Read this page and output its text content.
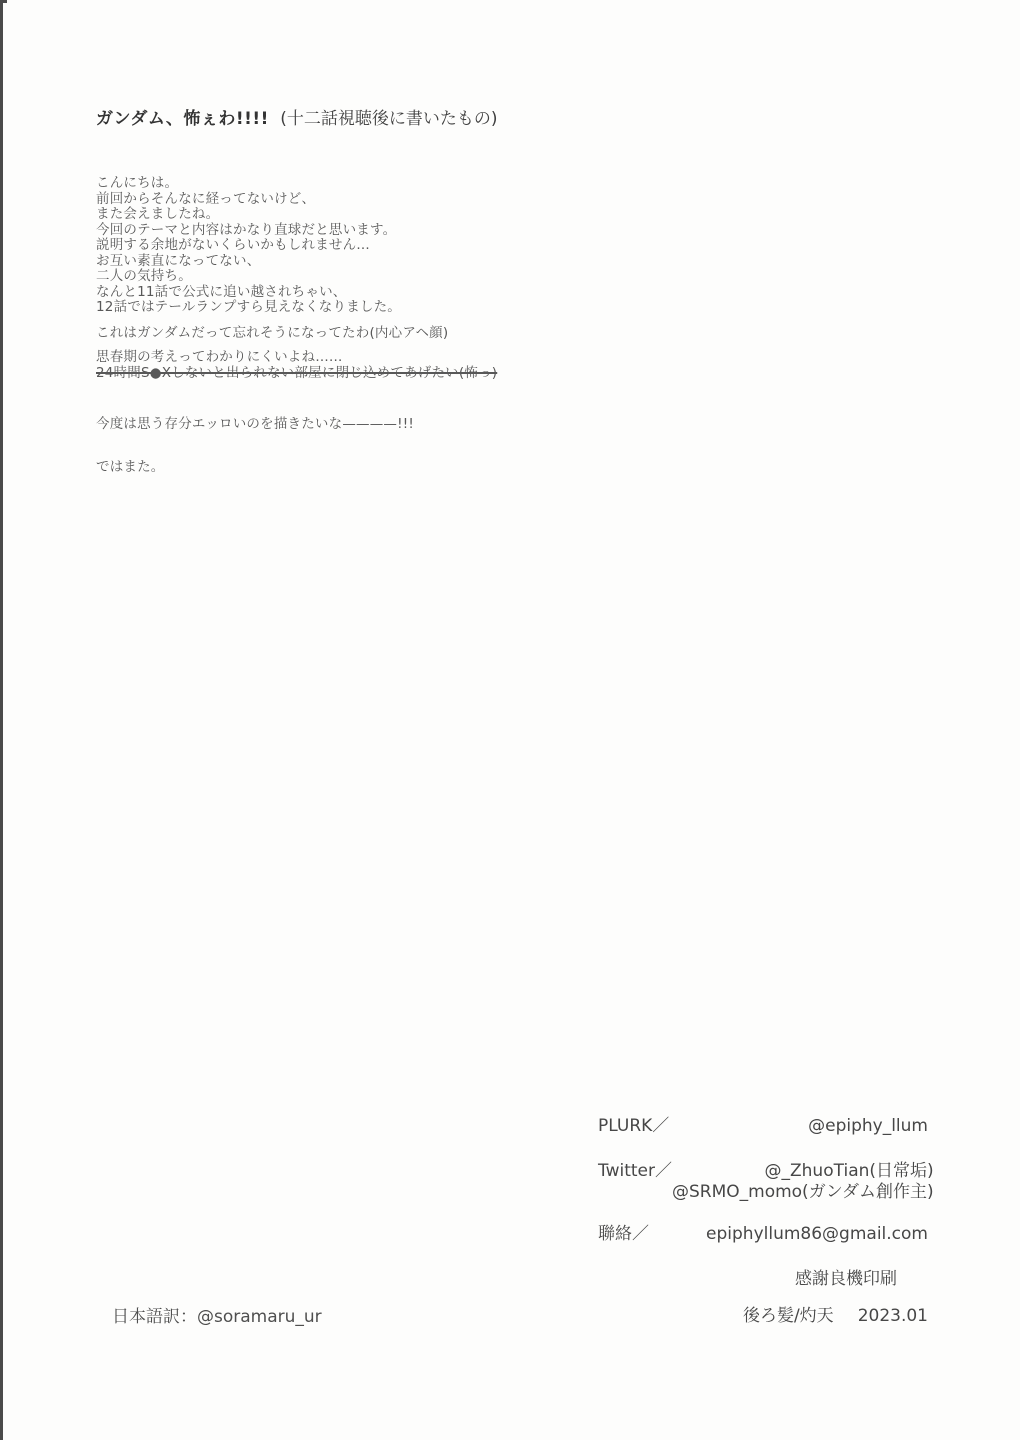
ガンダム、怖ぇわ!!!! (十二話視聴後に書いたもの)
こんにちは。
前回からそんなに経ってないけど、
また会えましたね。
今回のテーマと内容はかなり直球だと思います。
説明する余地がないくらいかもしれません…
お互い素直になってない、
二人の気持ち。
なんと11話で公式に追い越されちゃい、
12話ではテールランプすら見えなくなりました。
これはガンダムだって忘れそうになってたわ(内心アヘ顔)
思春期の考えってわかりにくいよね……
24時間S●Xしないと出られない部屋に閉じ込めてあげたい(怖っ)
今度は思う存分エッロいのを描きたいな————!!!
ではまた。
PLURK／	@epiphy_llum
Twitter／	@_ZhuoTian(日常垢)
@SRMO_momo(ガンダム創作主)
聯絡／	epiphyllum86@gmail.com
感謝良機印刷
後ろ髪/灼天 2023.01
日本語訳：@soramaru_ur
